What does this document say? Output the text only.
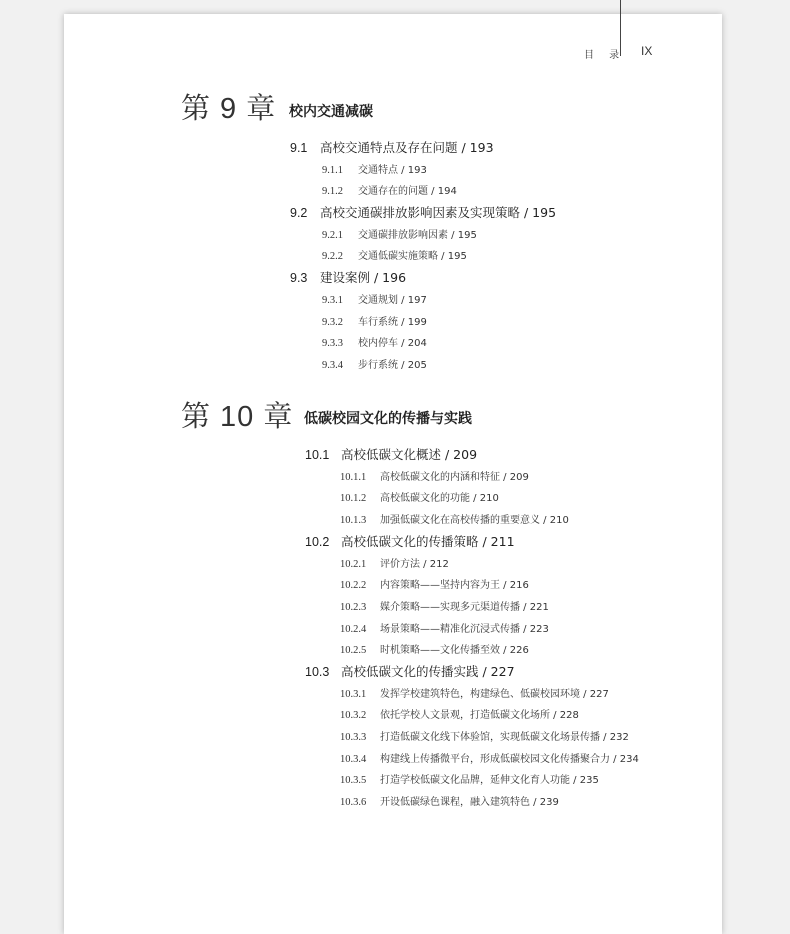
目 录 IX
第 9 章 校内交通减碳
9.1 高校交通特点及存在问题 / 193
9.1.1 交通特点 / 193
9.1.2 交通存在的问题 / 194
9.2 高校交通碳排放影响因素及实现策略 / 195
9.2.1 交通碳排放影响因素 / 195
9.2.2 交通低碳实施策略 / 195
9.3 建设案例 / 196
9.3.1 交通规划 / 197
9.3.2 车行系统 / 199
9.3.3 校内停车 / 204
9.3.4 步行系统 / 205
第 10 章 低碳校园文化的传播与实践
10.1 高校低碳文化概述 / 209
10.1.1 高校低碳文化的内涵和特征 / 209
10.1.2 高校低碳文化的功能 / 210
10.1.3 加强低碳文化在高校传播的重要意义 / 210
10.2 高校低碳文化的传播策略 / 211
10.2.1 评价方法 / 212
10.2.2 内容策略——坚持内容为王 / 216
10.2.3 媒介策略——实现多元渠道传播 / 221
10.2.4 场景策略——精准化沉浸式传播 / 223
10.2.5 时机策略——文化传播至效 / 226
10.3 高校低碳文化的传播实践 / 227
10.3.1 发挥学校建筑特色，构建绿色、低碳校园环境 / 227
10.3.2 依托学校人文景观，打造低碳文化场所 / 228
10.3.3 打造低碳文化线下体验馆，实现低碳文化场景传播 / 232
10.3.4 构建线上传播微平台，形成低碳校园文化传播聚合力 / 234
10.3.5 打造学校低碳文化品牌，延伸文化育人功能 / 235
10.3.6 开设低碳绿色课程，融入建筑特色 / 239
